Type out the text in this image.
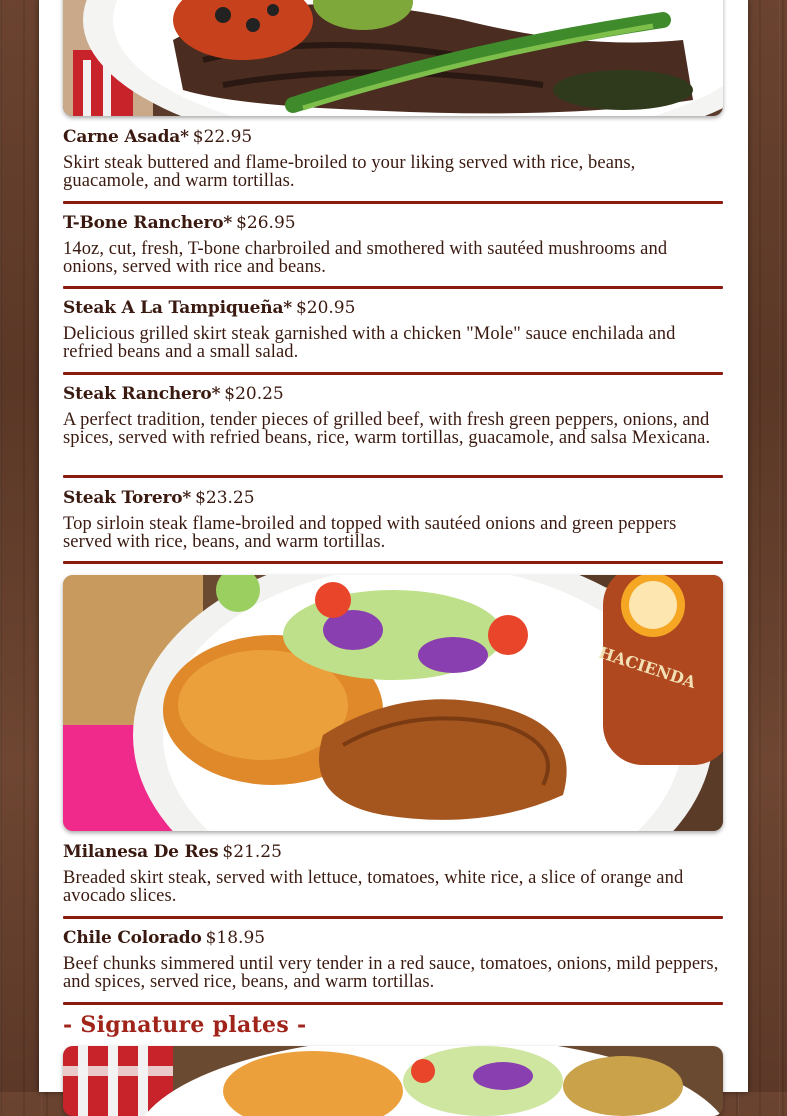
Carne Asada* $22.95
Skirt steak buttered and flame-broiled to your liking served with rice, beans, guacamole, and warm tortillas.
T-Bone Ranchero* $26.95
14oz, cut, fresh, T-bone charbroiled and smothered with sautéed mushrooms and onions, served with rice and beans.
Steak A La Tampiqueña* $20.95
Delicious grilled skirt steak garnished with a chicken "Mole" sauce enchilada and refried beans and a small salad.
Steak Ranchero* $20.25
A perfect tradition, tender pieces of grilled beef, with fresh green peppers, onions, and spices, served with refried beans, rice, warm tortillas, guacamole, and salsa Mexicana.
Steak Torero* $23.25
Top sirloin steak flame-broiled and topped with sautéed onions and green peppers served with rice, beans, and warm tortillas.
HACIENDA
Milanesa De Res $21.25
Breaded skirt steak, served with lettuce, tomatoes, white rice, a slice of orange and avocado slices.
Chile Colorado $18.95
Beef chunks simmered until very tender in a red sauce, tomatoes, onions, mild peppers, and spices, served rice, beans, and warm tortillas.
- Signature plates -
